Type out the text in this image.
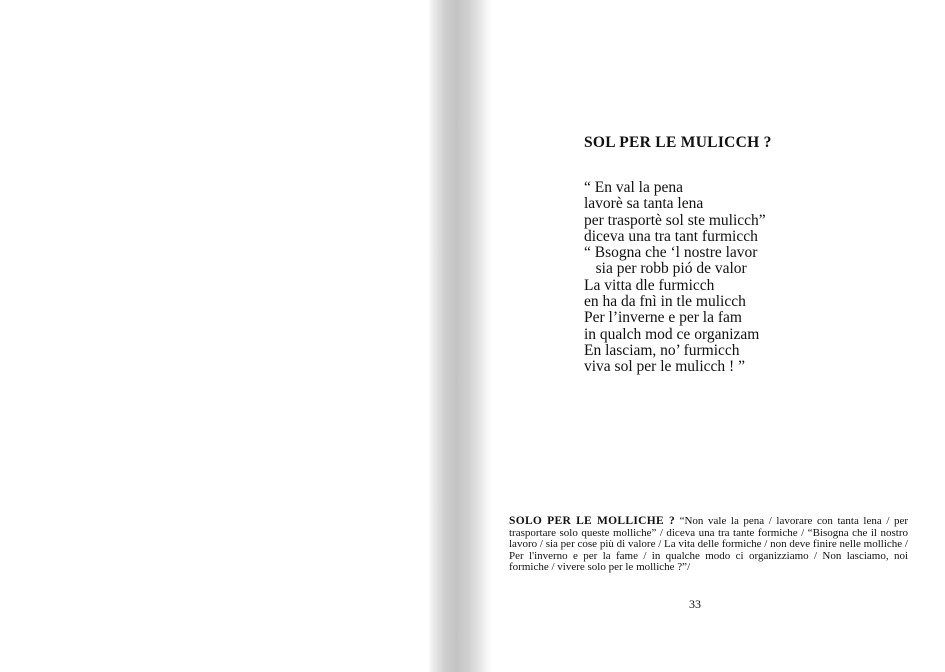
SOL PER LE MULICCH ?
“ En val la pena
lavorè sa tanta lena
per trasportè sol ste mulicch”
diceva una tra tant furmicch
“ Bsogna che ‘l nostre lavor
sia per robb pió de valor
La vitta dle furmicch
en ha da fnì in tle mulicch
Per l’inverne e per la fam
in qualch mod ce organizam
En lasciam, no’ furmicch
viva sol per le mulicch ! ”

SOLO PER LE MOLLICHE ? “Non vale la pena / lavorare con tanta lena / per trasportare solo queste molliche” / diceva una tra tante formiche / “Bisogna che il nostro lavoro / sia per cose più di valore / La vita delle formiche / non deve finire nelle molliche / Per l'inverno e per la fame / in qualche modo ci organizziamo / Non lasciamo, noi formiche / vivere solo per le molliche ?”/

33
